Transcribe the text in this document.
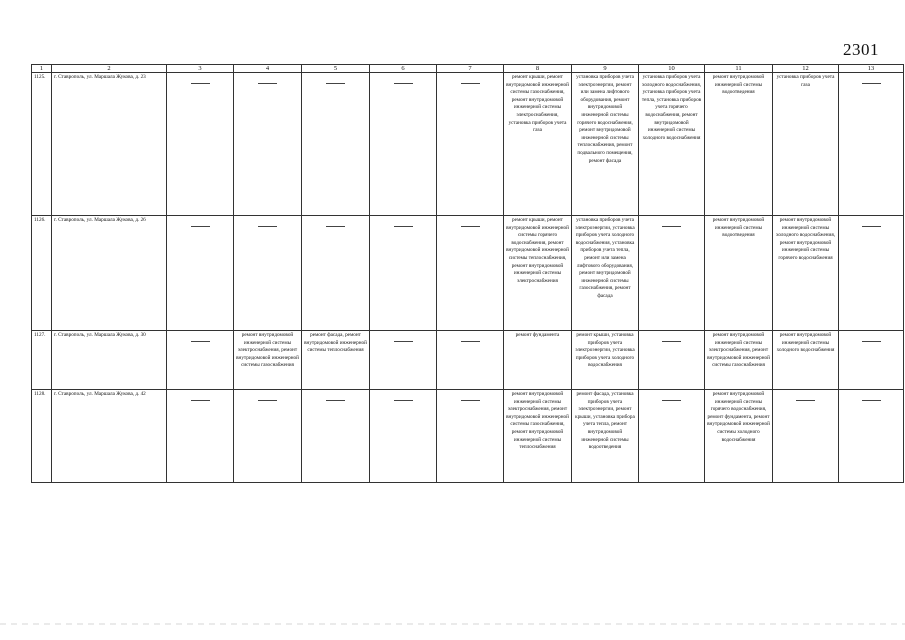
2301
1	2	3	4	5	6	7	8	9	10	11	12	13
1125.	г. Ставрополь, ул. Маршала Жукова, д. 23						ремонт крыши, ремонт внутридомовой инженерной системы газоснабжения, ремонт внутридомовой инженерной системы электроснабжения, установка приборов учета газа	установка приборов учета электроэнергии, ремонт или замена лифтового оборудования, ремонт внутридомовой инженерной системы горячего водоснабжения, ремонт внутридомовой инженерной системы теплоснабжения, ремонт подвального помещения, ремонт фасада	установка приборов учета холодного водоснабжения, установка приборов учета тепла, установка приборов учета горячего водоснабжения, ремонт внутридомовой инженерной системы холодного водоснабжения	ремонт внутридомовой инженерной системы водоотведения	установка приборов учета газа	
1126.	г. Ставрополь, ул. Маршала Жукова, д. 26						ремонт крыши, ремонт внутридомовой инженерной системы горячего водоснабжения, ремонт внутридомовой инженерной системы теплоснабжения, ремонт внутридомовой инженерной системы электроснабжения	установка приборов учета электроэнергии, установка приборов учета холодного водоснабжения, установка приборов учета тепла, ремонт или замена лифтового оборудования, ремонт внутридомовой инженерной системы газоснабжения, ремонт фасада		ремонт внутридомовой инженерной системы водоотведения	ремонт внутридомовой инженерной системы холодного водоснабжения, ремонт внутридомовой инженерной системы горячего водоснабжения	
1127.	г. Ставрополь, ул. Маршала Жукова, д. 30		ремонт внутридомовой инженерной системы электроснабжения, ремонт внутридомовой инженерной системы газоснабжения	ремонт фасада, ремонт внутридомовой инженерной системы теплоснабжения			ремонт фундамента	ремонт крыши, установка приборов учета электроэнергии, установка приборов учета холодного водоснабжения		ремонт внутридомовой инженерной системы электроснабжения, ремонт внутридомовой инженерной системы газоснабжения	ремонт внутридомовой инженерной системы холодного водоснабжения	
1128.	г. Ставрополь, ул. Маршала Жукова, д. 42						ремонт внутридомовой инженерной системы электроснабжения, ремонт внутридомовой инженерной системы газоснабжения, ремонт внутридомовой инженерной системы теплоснабжения	ремонт фасада, установка приборов учета электроэнергии, ремонт крыши, установка прибора учета тепла, ремонт внутридомовой инженерной системы водоотведения		ремонт внутридомовой инженерной системы горячего водоснабжения, ремонт фундамента, ремонт внутридомовой инженерной системы холодного водоснабжения		
